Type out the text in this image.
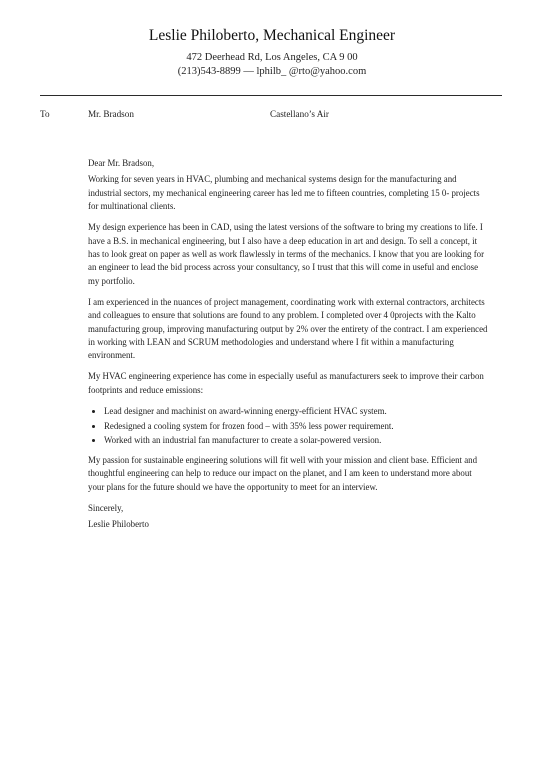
Leslie Philoberto, Mechanical Engineer
472 Deerhead Rd, Los Angeles, CA 9 00
(213)543-8899 — lphilb_ @rto@yahoo.com
To	Mr. Bradson	Castellano’s Air

Dear Mr. Bradson,

Working for seven years in HVAC, plumbing and mechanical systems design for the manufacturing and industrial sectors, my mechanical engineering career has led me to fifteen countries, completing 15 0- projects for multinational clients.

My design experience has been in CAD, using the latest versions of the software to bring my creations to life. I have a B.S. in mechanical engineering, but I also have a deep education in art and design. To sell a concept, it has to look great on paper as well as work flawlessly in terms of the mechanics. I know that you are looking for an engineer to lead the bid process across your consultancy, so I trust that this will come in useful and enclose my portfolio.

I am experienced in the nuances of project management, coordinating work with external contractors, architects and colleagues to ensure that solutions are found to any problem. I completed over 4 0projects with the Kalto manufacturing group, improving manufacturing output by 2% over the entirety of the contract. I am experienced in working with LEAN and SCRUM methodologies and understand where I fit within a manufacturing environment.

My HVAC engineering experience has come in especially useful as manufacturers seek to improve their carbon footprints and reduce emissions:

• Lead designer and machinist on award-winning energy-efficient HVAC system.
• Redesigned a cooling system for frozen food – with 35% less power requirement.
• Worked with an industrial fan manufacturer to create a solar-powered version.

My passion for sustainable engineering solutions will fit well with your mission and client base. Efficient and thoughtful engineering can help to reduce our impact on the planet, and I am keen to understand more about your plans for the future should we have the opportunity to meet for an interview.

Sincerely,

Leslie Philoberto
